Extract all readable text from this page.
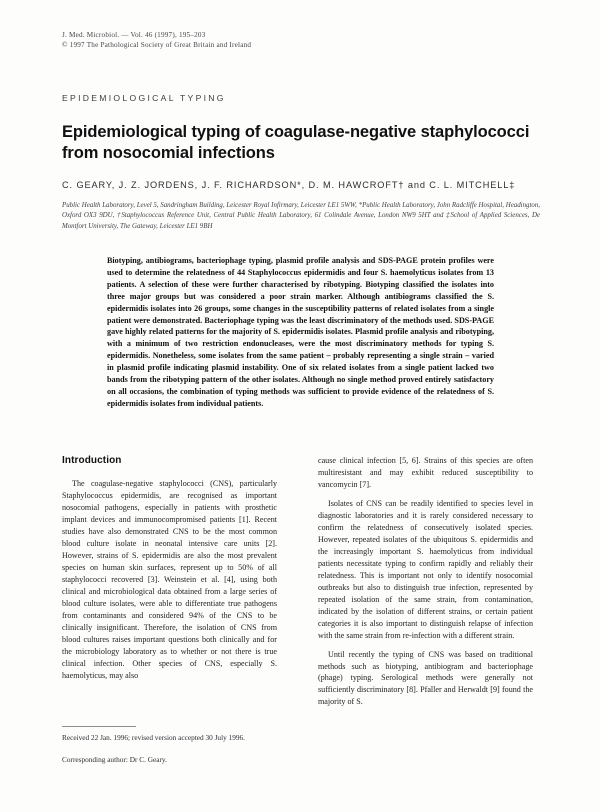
J. Med. Microbiol. — Vol. 46 (1997), 195–203
© 1997 The Pathological Society of Great Britain and Ireland
EPIDEMIOLOGICAL TYPING
Epidemiological typing of coagulase-negative staphylococci from nosocomial infections
C. GEARY, J. Z. JORDENS, J. F. RICHARDSON*, D. M. HAWCROFT† and C. L. MITCHELL‡
Public Health Laboratory, Level 5, Sandringham Building, Leicester Royal Infirmary, Leicester LE1 5WW, *Public Health Laboratory, John Radcliffe Hospital, Headington, Oxford OX3 9DU, †Staphylococcus Reference Unit, Central Public Health Laboratory, 61 Colindale Avenue, London NW9 5HT and ‡School of Applied Sciences, De Montfort University, The Gateway, Leicester LE1 9BH
Biotyping, antibiograms, bacteriophage typing, plasmid profile analysis and SDS-PAGE protein profiles were used to determine the relatedness of 44 Staphylococcus epidermidis and four S. haemolyticus isolates from 13 patients. A selection of these were further characterised by ribotyping. Biotyping classified the isolates into three major groups but was considered a poor strain marker. Although antibiograms classified the S. epidermidis isolates into 26 groups, some changes in the susceptibility patterns of related isolates from a single patient were demonstrated. Bacteriophage typing was the least discriminatory of the methods used. SDS-PAGE gave highly related patterns for the majority of S. epidermidis isolates. Plasmid profile analysis and ribotyping, with a minimum of two restriction endonucleases, were the most discriminatory methods for typing S. epidermidis. Nonetheless, some isolates from the same patient – probably representing a single strain – varied in plasmid profile indicating plasmid instability. One of six related isolates from a single patient lacked two bands from the ribotyping pattern of the other isolates. Although no single method proved entirely satisfactory on all occasions, the combination of typing methods was sufficient to provide evidence of the relatedness of S. epidermidis isolates from individual patients.
Introduction

The coagulase-negative staphylococci (CNS), particularly Staphylococcus epidermidis, are recognised as important nosocomial pathogens, especially in patients with prosthetic implant devices and immunocompromised patients [1]. Recent studies have also demonstrated CNS to be the most common blood culture isolate in neonatal intensive care units [2]. However, strains of S. epidermidis are also the most prevalent species on human skin surfaces, represent up to 50% of all staphylococci recovered [3]. Weinstein et al. [4], using both clinical and microbiological data obtained from a large series of blood culture isolates, were able to differentiate true pathogens from contaminants and considered 94% of the CNS to be clinically insignificant. Therefore, the isolation of CNS from blood cultures raises important questions both clinically and for the microbiology laboratory as to whether or not there is true clinical infection. Other species of CNS, especially S. haemolyticus, may also

cause clinical infection [5, 6]. Strains of this species are often multiresistant and may exhibit reduced susceptibility to vancomycin [7].

Isolates of CNS can be readily identified to species level in diagnostic laboratories and it is rarely considered necessary to confirm the relatedness of consecutively isolated species. However, repeated isolates of the ubiquitous S. epidermidis and the increasingly important S. haemolyticus from individual patients necessitate typing to confirm rapidly and reliably their relatedness. This is important not only to identify nosocomial outbreaks but also to distinguish true infection, represented by repeated isolation of the same strain, from contamination, indicated by the isolation of different strains, or certain patient categories it is also important to distinguish relapse of infection with the same strain from re-infection with a different strain.

Until recently the typing of CNS was based on traditional methods such as biotyping, antibiogram and bacteriophage (phage) typing. Serological methods were generally not sufficiently discriminatory [8]. Pfaller and Herwaldt [9] found the majority of S.

Received 22 Jan. 1996; revised version accepted 30 July 1996.
Corresponding author: Dr C. Geary.
